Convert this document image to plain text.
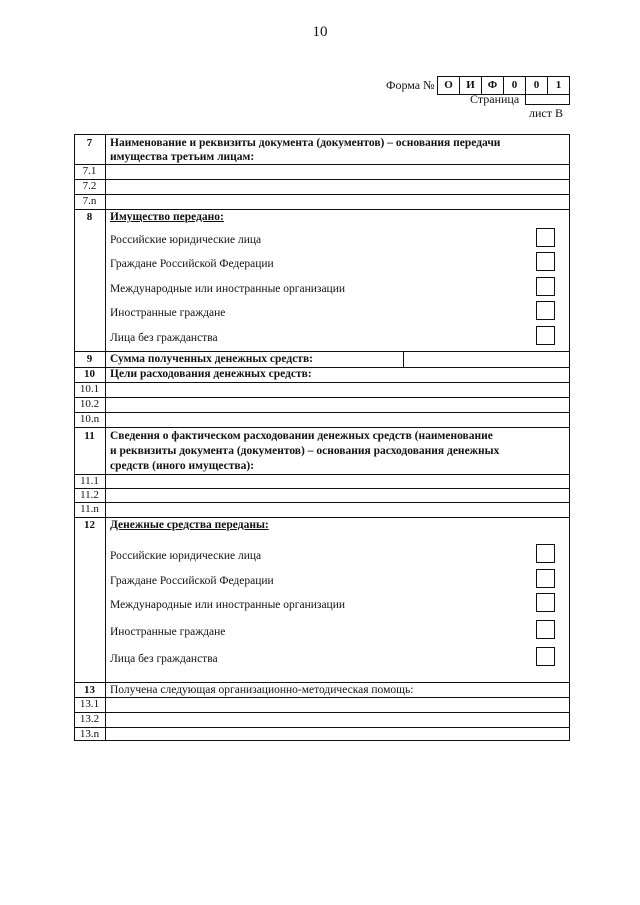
10
Форма № О	И	Ф	0	0	1
Страница
лист В
7	Наименование и реквизиты документа (документов) – основания передачи имущества третьим лицам:
7.1
7.2
7.n
8	Имущество передано:
Российские юридические лица
Граждане Российской Федерации
Международные или иностранные организации
Иностранные граждане
Лица без гражданства
9	Сумма полученных денежных средств:
10	Цели расходования денежных средств:
10.1
10.2
10.n
11	Сведения о фактическом расходовании денежных средств (наименование
и реквизиты документа (документов) – основания расходования денежных
средств (иного имущества):
11.1
11.2
11.n
12	Денежные средства переданы:
Российские юридические лица
Граждане Российской Федерации
Международные или иностранные организации
Иностранные граждане
Лица без гражданства
13	Получена следующая организационно-методическая помощь:
13.1
13.2
13.n
